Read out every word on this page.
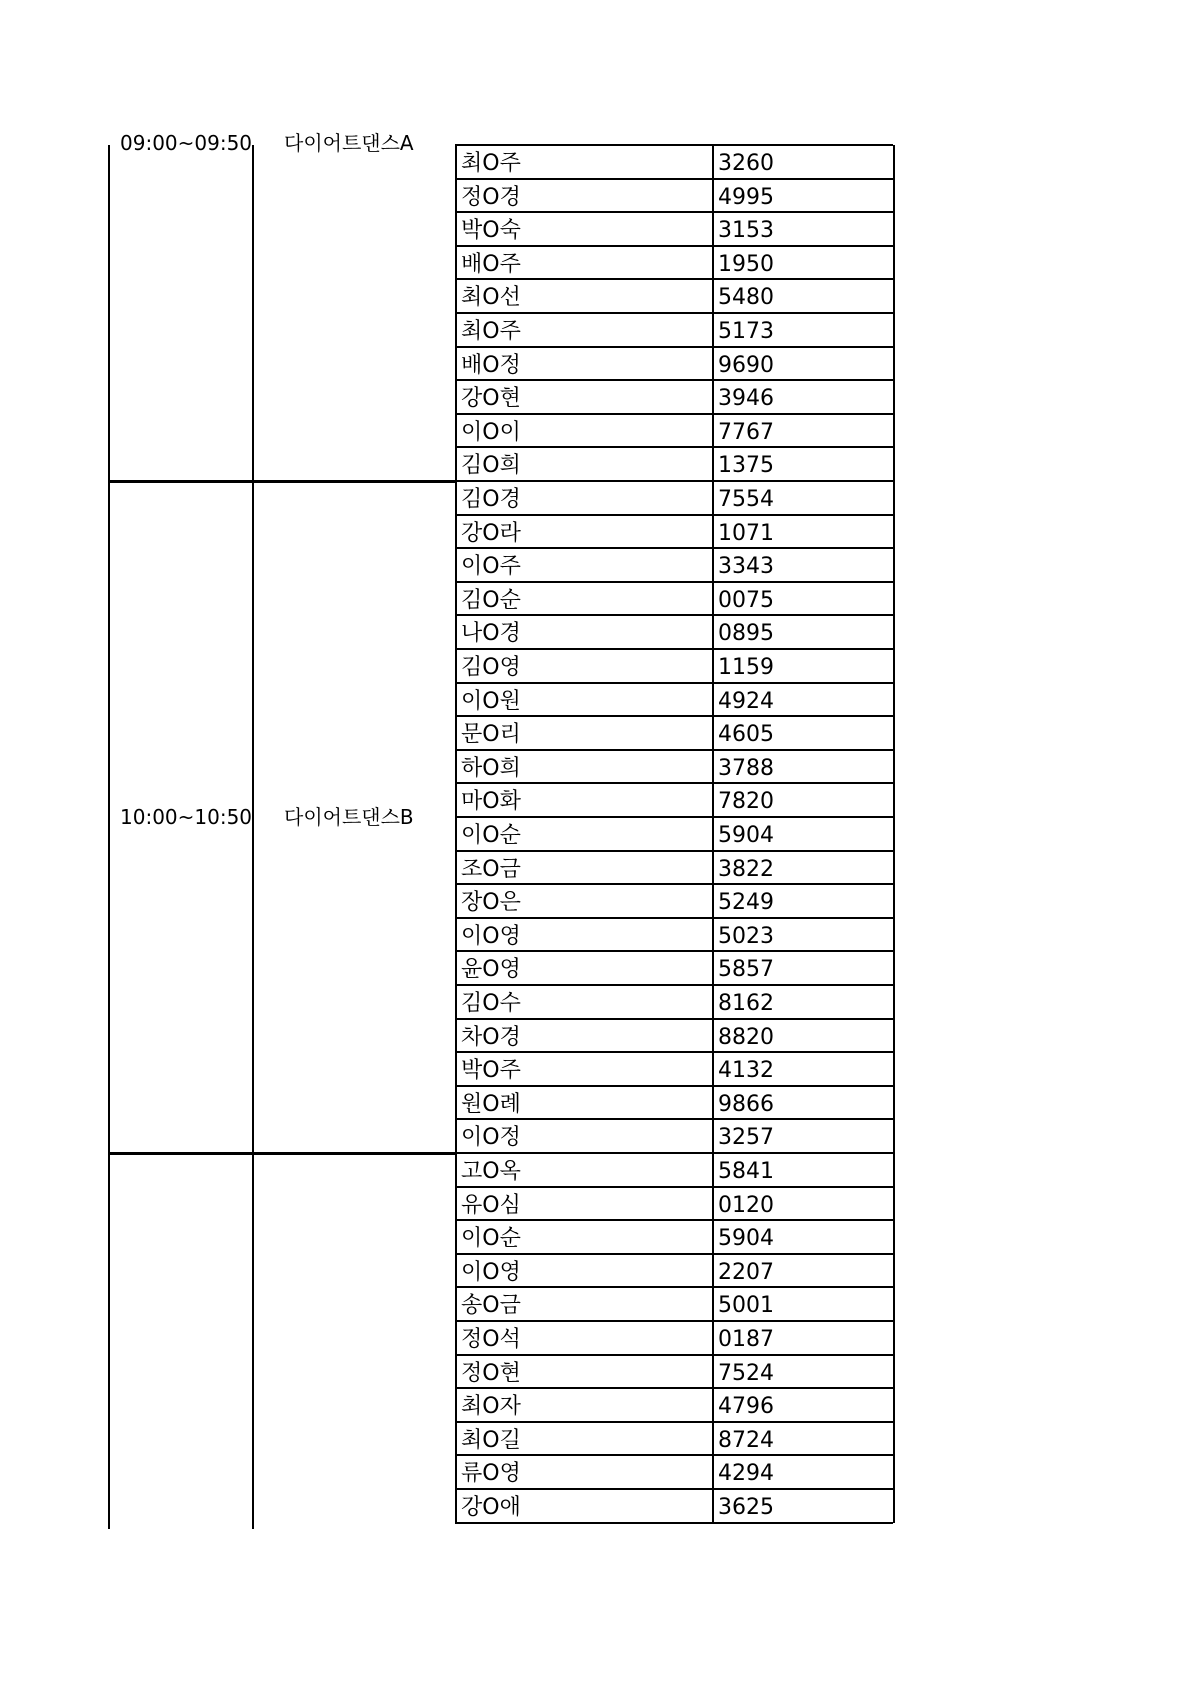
09:00~09:50 다이어트댄스A
최O주	3260
정O경	4995
박O숙	3153
배O주	1950
최O선	5480
최O주	5173
배O정	9690
강O현	3946
이O이	7767
김O희	1375
10:00~10:50 다이어트댄스B
김O경	7554
강O라	1071
이O주	3343
김O순	0075
나O경	0895
김O영	1159
이O원	4924
문O리	4605
하O희	3788
마O화	7820
이O순	5904
조O금	3822
장O은	5249
이O영	5023
윤O영	5857
김O수	8162
차O경	8820
박O주	4132
원O례	9866
이O정	3257
고O옥	5841
유O심	0120
이O순	5904
이O영	2207
송O금	5001
정O석	0187
정O현	7524
최O자	4796
최O길	8724
류O영	4294
강O애	3625
